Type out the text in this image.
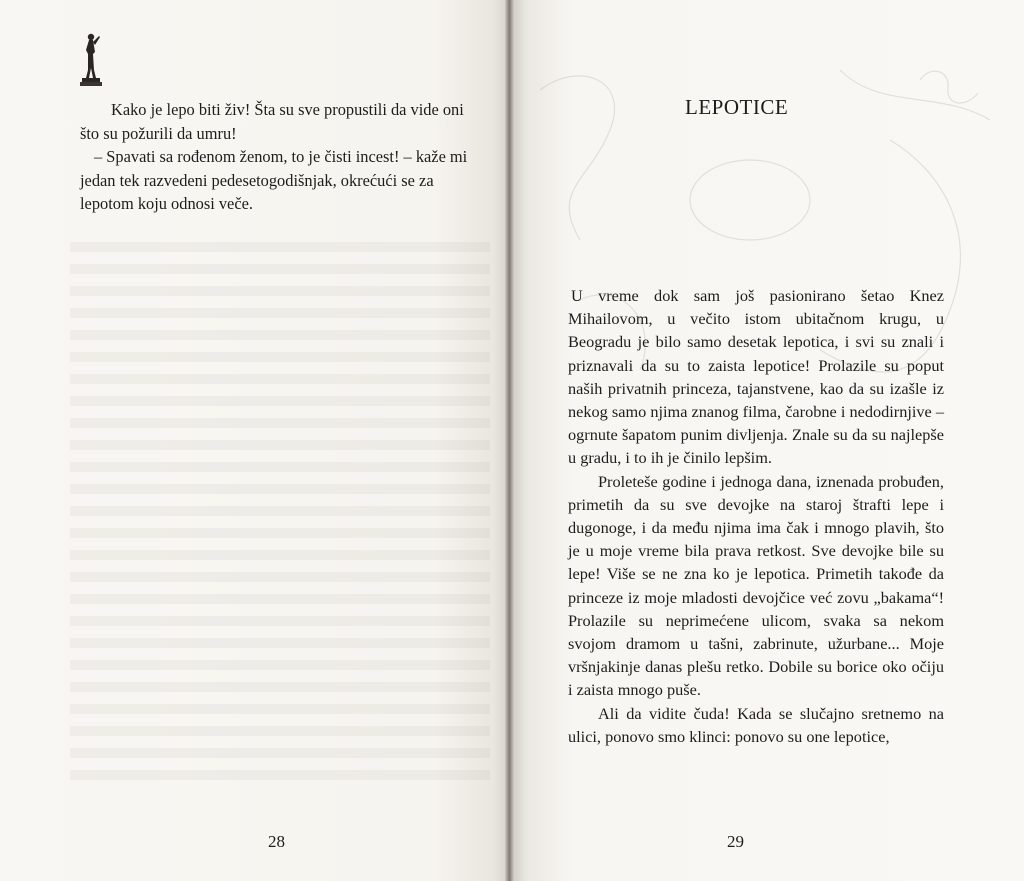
Kako je lepo biti živ! Šta su sve propustili da vide oni što su požurili da umru!

– Spavati sa rođenom ženom, to je čisti incest! – kaže mi jedan tek razvedeni pedesetogodišnjak, okrećući se za lepotom koju odnosi veče.

28
LEPOTICE

U vreme dok sam još pasionirano šetao Knez Mihailovom, u večito istom ubitačnom krugu, u Beogradu je bilo samo desetak lepotica, i svi su znali i priznavali da su to zaista lepotice! Prolazile su poput naših privatnih princeza, tajanstvene, kao da su izašle iz nekog samo njima znanog filma, čarobne i nedodirnjive – ogrnute šapatom punim divljenja. Znale su da su najlepše u gradu, i to ih je činilo lepšim.

Proleteše godine i jednoga dana, iznenada probuđen, primetih da su sve devojke na staroj štrafti lepe i dugonoge, i da među njima ima čak i mnogo plavih, što je u moje vreme bila prava retkost. Sve devojke bile su lepe! Više se ne zna ko je lepotica. Primetih takođe da princeze iz moje mladosti devojčice već zovu „bakama“! Prolazile su neprimećene ulicom, svaka sa nekom svojom dramom u tašni, zabrinute, užurbane... Moje vršnjakinje danas plešu retko. Dobile su borice oko očiju i zaista mnogo puše.

Ali da vidite čuda! Kada se slučajno sretnemo na ulici, ponovo smo klinci: ponovo su one lepotice,

29
